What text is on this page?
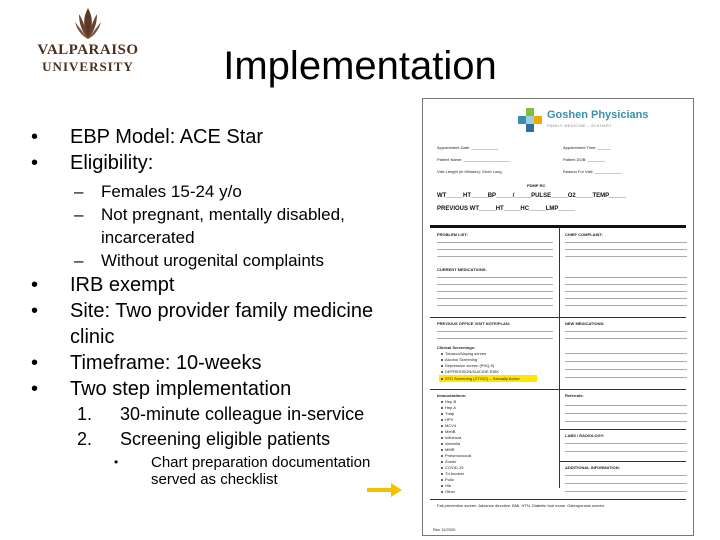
VALPARAISO
UNIVERSITY	Implementation
• EBP Model: ACE Star
• Eligibility:
– Females 15-24 y/o
– Not pregnant, mentally disabled, incarcerated
– Without urogenital complaints
• IRB exempt
• Site: Two provider family medicine clinic
• Timeframe: 10-weeks
• Two step implementation
1. 30-minute colleague in-service
2. Screening eligible patients
• Chart preparation documentation served as checklist
Goshen Physicians
FAMILY MEDICINE – ELKHART
Appointment Date: ____________	Appointment Time: ______
Patient Name: _____________________	Patient DOB: ________
Visit Length (in Minutes): Short Long	Reason For Visit: ____________
PDMP RC
WT_____HT_____BP_____/_____PULSE_____O2_____TEMP_____
PREVIOUS WT_____HT_____HC_____LMP_____
PROBLEM LIST:	CHIEF COMPLAINT:
CURRENT MEDICATIONS:
PREVIOUS OFFICE VISIT NOTE/PLAN:	NEW MEDICATIONS:
Clinical Screenings:
Tobacco/Vaping screen
Alcohol Screening
Depression screen (PHQ-9)
DEPRESSION/SUICIDE RISK
STD Screening (CT/GC) – Sexually Active
Immunizations:	Referrals:
Hep B
Hep A
Tdap
HPV
MCV4
MenB
Influenza
Varicella
MMR
Pneumococcal
Zoster
COVID-19
Td booster
Polio
Hib
Other
LABS / RADIOLOGY:
ADDITIONAL INFORMATION:
Fall prevention screen. Advance directive. BMI. HTN. Diabetic foot exam. Osteoporosis screen.
Rev 11/2020
